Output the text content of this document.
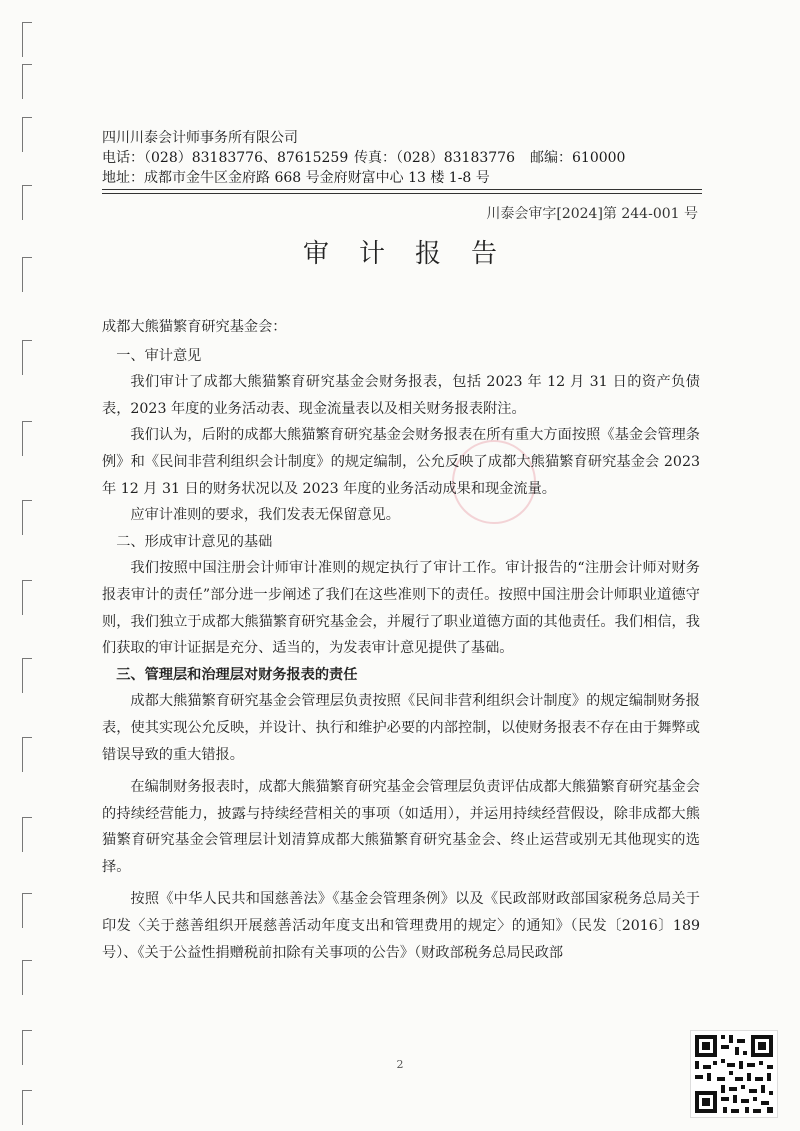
四川川泰会计师事务所有限公司
电话：（028）83183776、87615259 传真：（028）83183776	邮编：610000
地址：成都市金牛区金府路 668 号金府财富中心 13 楼 1-8 号
川泰会审字[2024]第 244-001 号
审计报告

成都大熊猫繁育研究基金会：

一、审计意见

我们审计了成都大熊猫繁育研究基金会财务报表，包括 2023 年 12 月 31 日的资产负债表，2023 年度的业务活动表、现金流量表以及相关财务报表附注。

我们认为，后附的成都大熊猫繁育研究基金会财务报表在所有重大方面按照《基金会管理条例》和《民间非营利组织会计制度》的规定编制，公允反映了成都大熊猫繁育研究基金会 2023 年 12 月 31 日的财务状况以及 2023 年度的业务活动成果和现金流量。

应审计准则的要求，我们发表无保留意见。

二、形成审计意见的基础

我们按照中国注册会计师审计准则的规定执行了审计工作。审计报告的“注册会计师对财务报表审计的责任”部分进一步阐述了我们在这些准则下的责任。按照中国注册会计师职业道德守则，我们独立于成都大熊猫繁育研究基金会，并履行了职业道德方面的其他责任。我们相信，我们获取的审计证据是充分、适当的，为发表审计意见提供了基础。

三、管理层和治理层对财务报表的责任

成都大熊猫繁育研究基金会管理层负责按照《民间非营利组织会计制度》的规定编制财务报表，使其实现公允反映，并设计、执行和维护必要的内部控制，以使财务报表不存在由于舞弊或错误导致的重大错报。

在编制财务报表时，成都大熊猫繁育研究基金会管理层负责评估成都大熊猫繁育研究基金会的持续经营能力，披露与持续经营相关的事项（如适用），并运用持续经营假设，除非成都大熊猫繁育研究基金会管理层计划清算成都大熊猫繁育研究基金会、终止运营或别无其他现实的选择。

按照《中华人民共和国慈善法》《基金会管理条例》以及《民政部财政部国家税务总局关于印发〈关于慈善组织开展慈善活动年度支出和管理费用的规定〉的通知》（民发〔2016〕189 号）、《关于公益性捐赠税前扣除有关事项的公告》（财政部税务总局民政部

2
